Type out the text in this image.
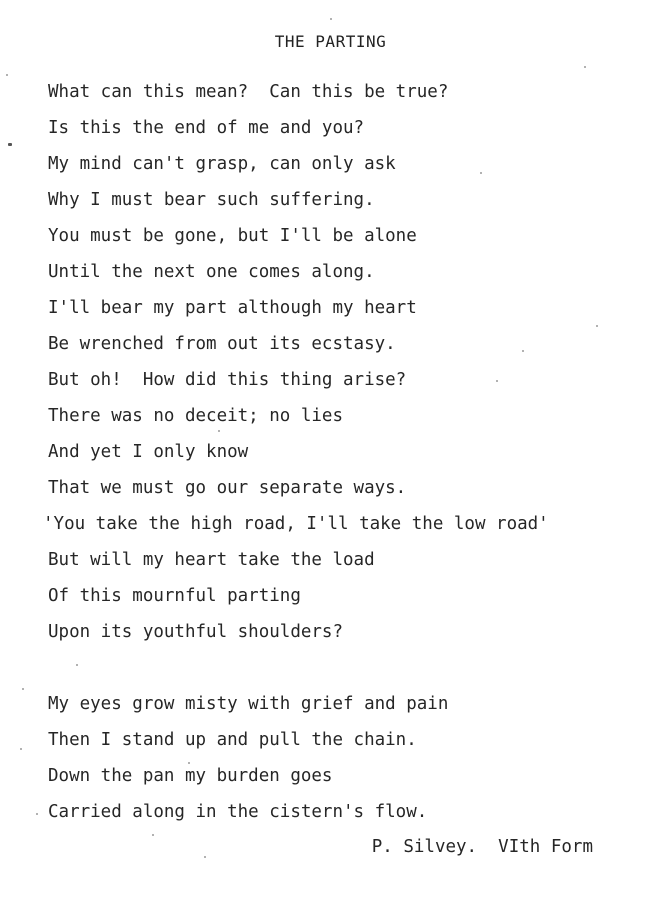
THE PARTING
What can this mean?  Can this be true?
Is this the end of me and you?
My mind can't grasp, can only ask
Why I must bear such suffering.
You must be gone, but I'll be alone
Until the next one comes along.
I'll bear my part although my heart
Be wrenched from out its ecstasy.
But oh!  How did this thing arise?
There was no deceit; no lies
And yet I only know
That we must go our separate ways.
'You take the high road, I'll take the low road'
But will my heart take the load
Of this mournful parting
Upon its youthful shoulders?
My eyes grow misty with grief and pain
Then I stand up and pull the chain.
Down the pan my burden goes
Carried along in the cistern's flow.
P. Silvey.  VIth Form
